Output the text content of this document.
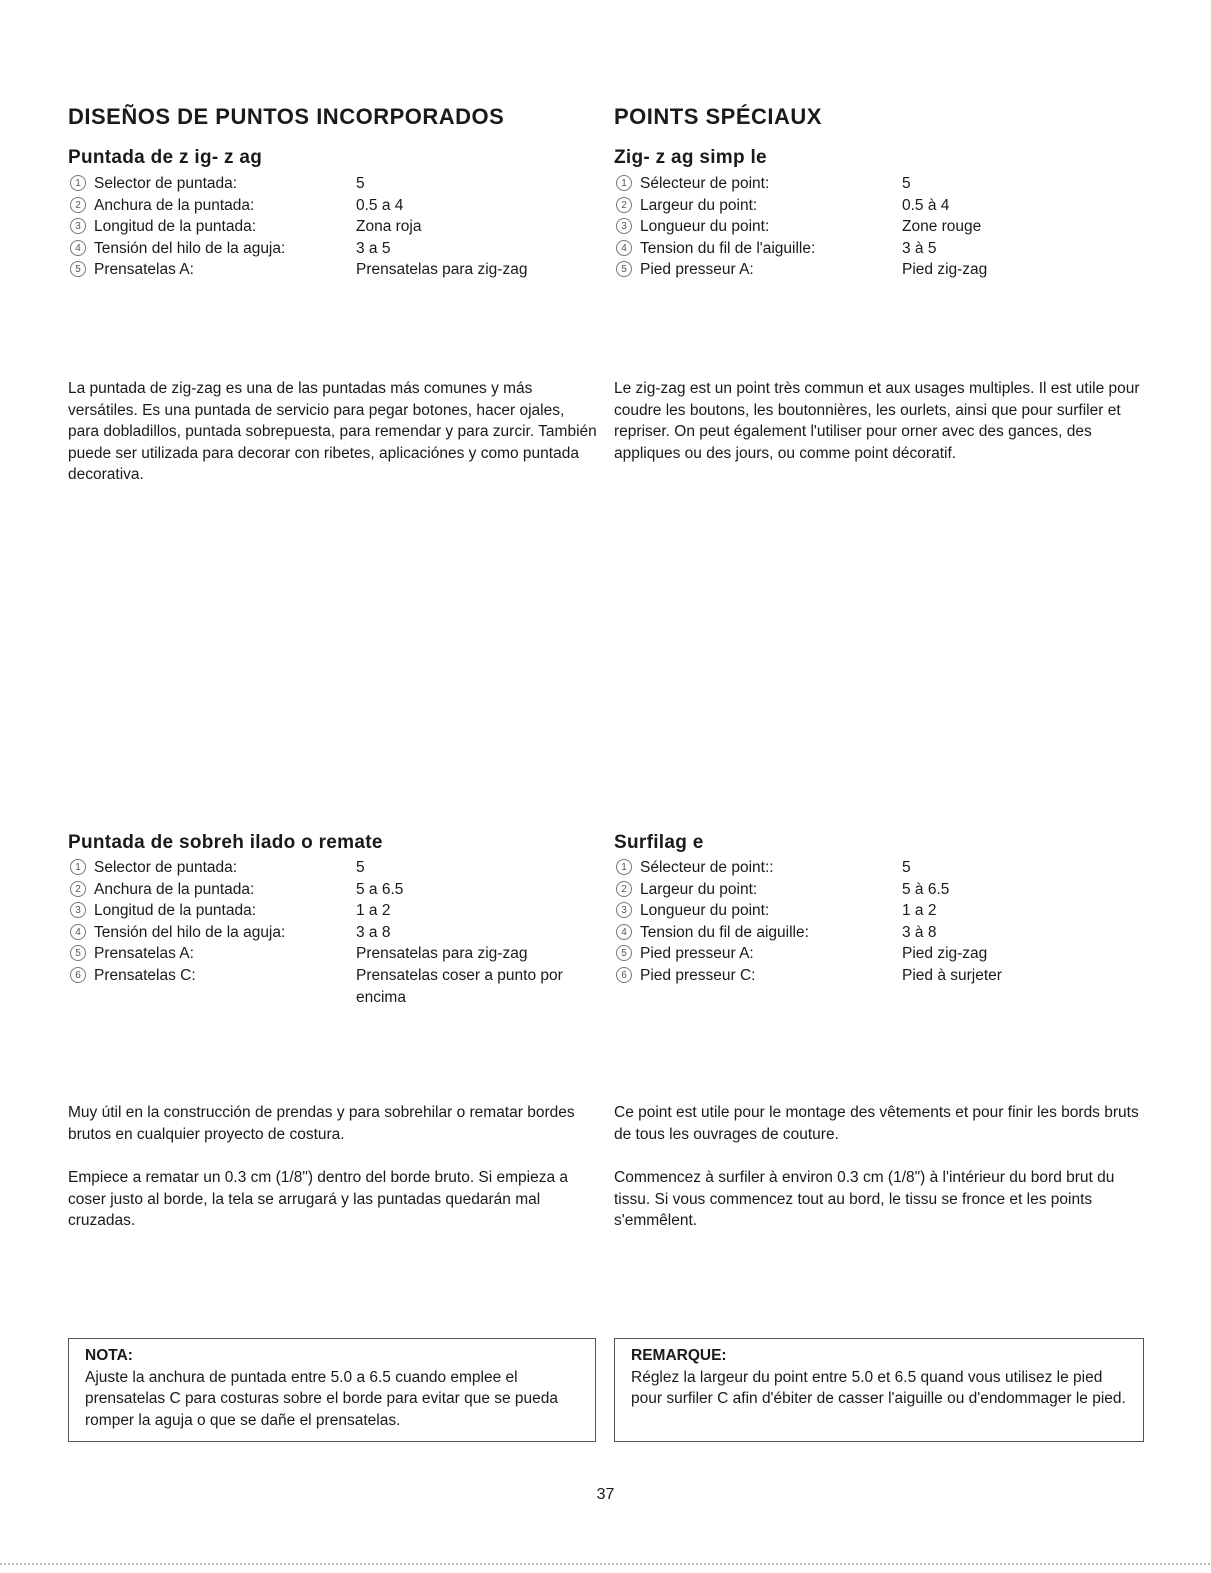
DISEÑOS DE PUNTOS INCORPORADOS
Puntada de z ig- z ag
1 Selector de puntada:	5
2 Anchura de la puntada:	0.5 a 4
3 Longitud de la puntada:	Zona roja
4 Tensión del hilo de la aguja:	3 a 5
5 Prensatelas A:	Prensatelas para zig-zag
La puntada de zig-zag es una de las puntadas más comunes y más versátiles. Es una puntada de servicio para pegar botones, hacer ojales, para dobladillos, puntada sobrepuesta, para remendar y para zurcir. También puede ser utilizada para decorar con ribetes, aplicaciónes y como puntada decorativa.
Puntada de sobreh ilado o remate
1 Selector de puntada:	5
2 Anchura de la puntada:	5 a 6.5
3 Longitud de la puntada:	1 a 2
4 Tensión del hilo de la aguja:	3 a 8
5 Prensatelas A:	Prensatelas para zig-zag
6 Prensatelas C:	Prensatelas coser a punto por encima
Muy útil en la construcción de prendas y para sobrehilar o rematar bordes brutos en cualquier proyecto de costura.
Empiece a rematar un 0.3 cm (1/8") dentro del borde bruto. Si empieza a coser justo al borde, la tela se arrugará y las puntadas quedarán mal cruzadas.
NOTA:
Ajuste la anchura de puntada entre 5.0 a 6.5 cuando emplee el prensatelas C para costuras sobre el borde para evitar que se pueda romper la aguja o que se dañe el prensatelas.
POINTS SPÉCIAUX
Zig- z ag simp le
1 Sélecteur de point:	5
2 Largeur du point:	0.5 à 4
3 Longueur du point:	Zone rouge
4 Tension du fil de l'aiguille:	3 à 5
5 Pied presseur A:	Pied zig-zag
Le zig-zag est un point très commun et aux usages multiples. Il est utile pour coudre les boutons, les boutonnières, les ourlets, ainsi que pour surfiler et repriser. On peut également l'utiliser pour orner avec des gances, des appliques ou des jours, ou comme point décoratif.
Surfilag e
1 Sélecteur de point::	5
2 Largeur du point:	5 à 6.5
3 Longueur du point:	1 a 2
4 Tension du fil de aiguille:	3 à 8
5 Pied presseur A:	Pied zig-zag
6 Pied presseur C:	Pied à surjeter
Ce point est utile pour le montage des vêtements et pour finir les bords bruts de tous les ouvrages de couture.
Commencez à surfiler à environ 0.3 cm (1/8") à l'intérieur du bord brut du tissu. Si vous commencez tout au bord, le tissu se fronce et les points s'emmêlent.
REMARQUE:
Réglez la largeur du point entre 5.0 et 6.5 quand vous utilisez le pied pour surfiler C afin d'ébiter de casser l'aiguille ou d'endommager le pied.
37
